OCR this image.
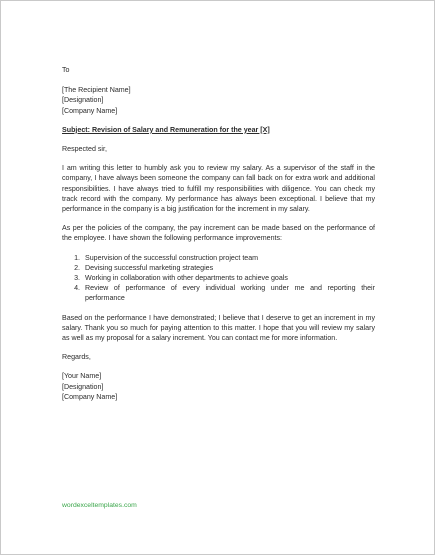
To
[The Recipient Name]
[Designation]
[Company Name]
Subject: Revision of Salary and Remuneration for the year [X]
Respected sir,

I am writing this letter to humbly ask you to review my salary. As a supervisor of the staff in the company, I have always been someone the company can fall back on for extra work and additional responsibilities. I have always tried to fulfill my responsibilities with diligence. You can check my track record with the company. My performance has always been exceptional. I believe that my performance in the company is a big justification for the increment in my salary.

As per the policies of the company, the pay increment can be made based on the performance of the employee. I have shown the following performance improvements:

1. Supervision of the successful construction project team
2. Devising successful marketing strategies
3. Working in collaboration with other departments to achieve goals
4. Review of performance of every individual working under me and reporting their performance

Based on the performance I have demonstrated; I believe that I deserve to get an increment in my salary. Thank you so much for paying attention to this matter. I hope that you will review my salary as well as my proposal for a salary increment. You can contact me for more information.

Regards,
[Your Name]
[Designation]
[Company Name]
wordexceltemplates.com
